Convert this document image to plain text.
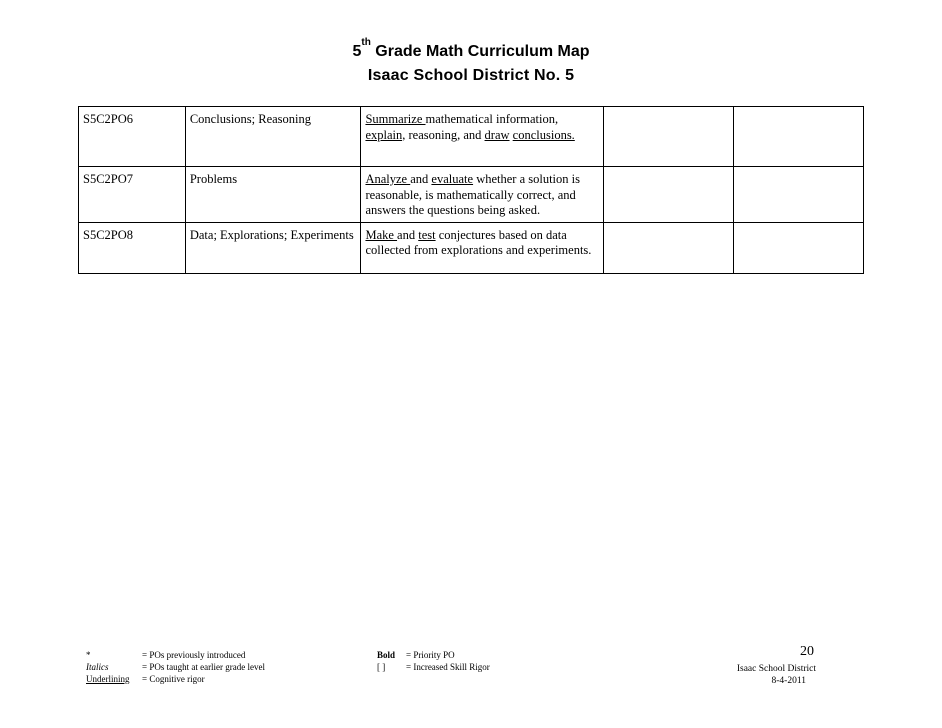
5th Grade Math Curriculum Map
Isaac School District No. 5
S5C2PO6	Conclusions; Reasoning	Summarize mathematical information, explain, reasoning, and draw conclusions.		
S5C2PO7	Problems	Analyze and evaluate whether a solution is reasonable, is mathematically correct, and answers the questions being asked.		
S5C2PO8	Data; Explorations; Experiments	Make and test conjectures based on data collected from explorations and experiments.		
*	= POs previously introduced
Italics	= POs taught at earlier grade level
Underlining = Cognitive rigor
Bold = Priority PO
[ ] = Increased Skill Rigor
20
Isaac School District
8-4-2011
